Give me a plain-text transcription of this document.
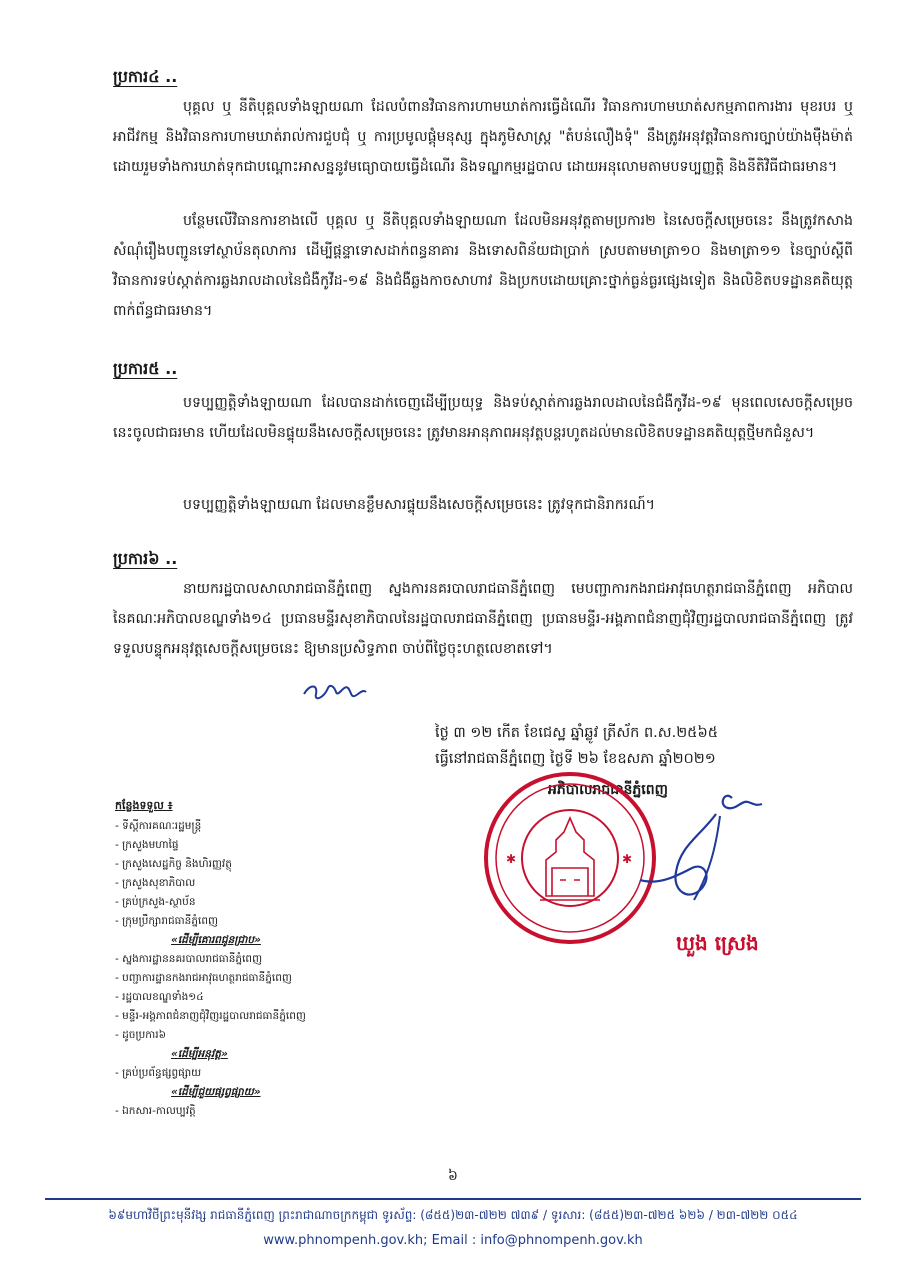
ប្រការ៤ ..
បុគ្គល ឬ នីតិបុគ្គលទាំងឡាយណា ដែលបំពានវិធានការហាមឃាត់ការធ្វើដំណើរ វិធានការហាមឃាត់សកម្មភាពការងារ មុខរបរ ឬ អាជីវកម្ម និងវិធានការហាមឃាត់រាល់ការជួបជុំ ឬ ការប្រមូលផ្តុំមនុស្ស ក្នុងភូមិសាស្ត្រ "តំបន់លឿងទុំ" នឹងត្រូវអនុវត្តវិធានការច្បាប់យ៉ាងម៉ឺងម៉ាត់ ដោយរួមទាំងការឃាត់ទុកជាបណ្តោះអាសន្ននូវមធ្យោបាយធ្វើដំណើរ និងទណ្ឌកម្មរដ្ឋបាល ដោយអនុលោមតាមបទប្បញ្ញត្តិ និងនីតិវិធីជាធរមាន។
បន្ថែមលើវិធានការខាងលើ បុគ្គល ឬ នីតិបុគ្គលទាំងឡាយណា ដែលមិនអនុវត្តតាមប្រការ២ នៃសេចក្តីសម្រេចនេះ នឹងត្រូវកសាងសំណុំរឿងបញ្ជូនទៅស្ថាប័នតុលាការ ដើម្បីផ្តន្ទាទោសដាក់ពន្ធនាគារ និងទោសពិន័យជាប្រាក់ ស្របតាមមាត្រា១០ និងមាត្រា១១ នៃច្បាប់ស្តីពីវិធានការទប់ស្កាត់ការឆ្លងរាលដាលនៃជំងឺកូវីដ-១៩ និងជំងឺឆ្លងកាចសាហាវ និងប្រកបដោយគ្រោះថ្នាក់ធ្ងន់ធ្ងរផ្សេងទៀត និងលិខិតបទដ្ឋានគតិយុត្តពាក់ព័ន្ធជាធរមាន។
ប្រការ៥ ..
បទប្បញ្ញត្តិទាំងឡាយណា ដែលបានដាក់ចេញដើម្បីប្រយុទ្ធ និងទប់ស្កាត់ការឆ្លងរាលដាលនៃជំងឺកូវីដ-១៩ មុនពេលសេចក្តីសម្រេចនេះចូលជាធរមាន ហើយដែលមិនផ្ទុយនឹងសេចក្តីសម្រេចនេះ ត្រូវមានអានុភាពអនុវត្តបន្តរហូតដល់មានលិខិតបទដ្ឋានគតិយុត្តថ្មីមកជំនួស។
បទប្បញ្ញត្តិទាំងឡាយណា ដែលមានខ្លឹមសារផ្ទុយនឹងសេចក្តីសម្រេចនេះ ត្រូវទុកជានិរាករណ៍។
ប្រការ៦ ..
នាយករដ្ឋបាលសាលារាជធានីភ្នំពេញ ស្នងការនគរបាលរាជធានីភ្នំពេញ មេបញ្ជាការកងរាជអាវុធហត្ថរាជធានីភ្នំពេញ អភិបាល នៃគណៈអភិបាលខណ្ឌទាំង១៤ ប្រធានមន្ទីរសុខាភិបាលនៃរដ្ឋបាលរាជធានីភ្នំពេញ ប្រធានមន្ទីរ-អង្គភាពជំនាញជុំវិញរដ្ឋបាលរាជធានីភ្នំពេញ ត្រូវទទួលបន្ទុកអនុវត្តសេចក្តីសម្រេចនេះ ឱ្យមានប្រសិទ្ធភាព ចាប់ពីថ្ងៃចុះហត្ថលេខាតទៅ។
ថ្ងៃ ៣ ១២ កើត ខែជេស្ឋ ឆ្នាំឆ្លូវ ត្រីស័ក ព.ស.២៥៦៥
ធ្វើនៅរាជធានីភ្នំពេញ ថ្ងៃទី ២៦ ខែឧសភា ឆ្នាំ២០២១
អភិបាលរាជធានីភ្នំពេញ
✱	✱
ឃួង ស្រេង
កន្លែងទទួល ៖
- ទីស្តីការគណៈរដ្ឋមន្ត្រី
- ក្រសួងមហាផ្ទៃ
- ក្រសួងសេដ្ឋកិច្ច និងហិរញ្ញវត្ថុ
- ក្រសួងសុខាភិបាល
- គ្រប់ក្រសួង-ស្ថាប័ន
- ក្រុមប្រឹក្សារាជធានីភ្នំពេញ
«ដើម្បីគោរពជូនជ្រាប»
- ស្នងការដ្ឋាននគរបាលរាជធានីភ្នំពេញ
- បញ្ជាការដ្ឋានកងរាជអាវុធហត្ថរាជធានីភ្នំពេញ
- រដ្ឋបាលខណ្ឌទាំង១៤
- មន្ទីរ-អង្គភាពជំនាញជុំវិញរដ្ឋបាលរាជធានីភ្នំពេញ
- ដូចប្រការ៦
«ដើម្បីអនុវត្ត»
- គ្រប់ប្រព័ន្ធផ្សព្វផ្សាយ
«ដើម្បីជួយផ្សព្វផ្សាយ»
- ឯកសារ-កាលប្បវត្តិ
៦
៦៩មហាវិថីព្រះមុនីវង្ស រាជធានីភ្នំពេញ ព្រះរាជាណាចក្រកម្ពុជា ទូរស័ព្ទ: (៨៥៥)២៣-៧២២ ៧៣៩ / ទូរសារ: (៨៥៥)២៣-៧២៥ ៦២៦ / ២៣-៧២២ ០៥៤
www.phnompenh.gov.kh; Email : info@phnompenh.gov.kh
